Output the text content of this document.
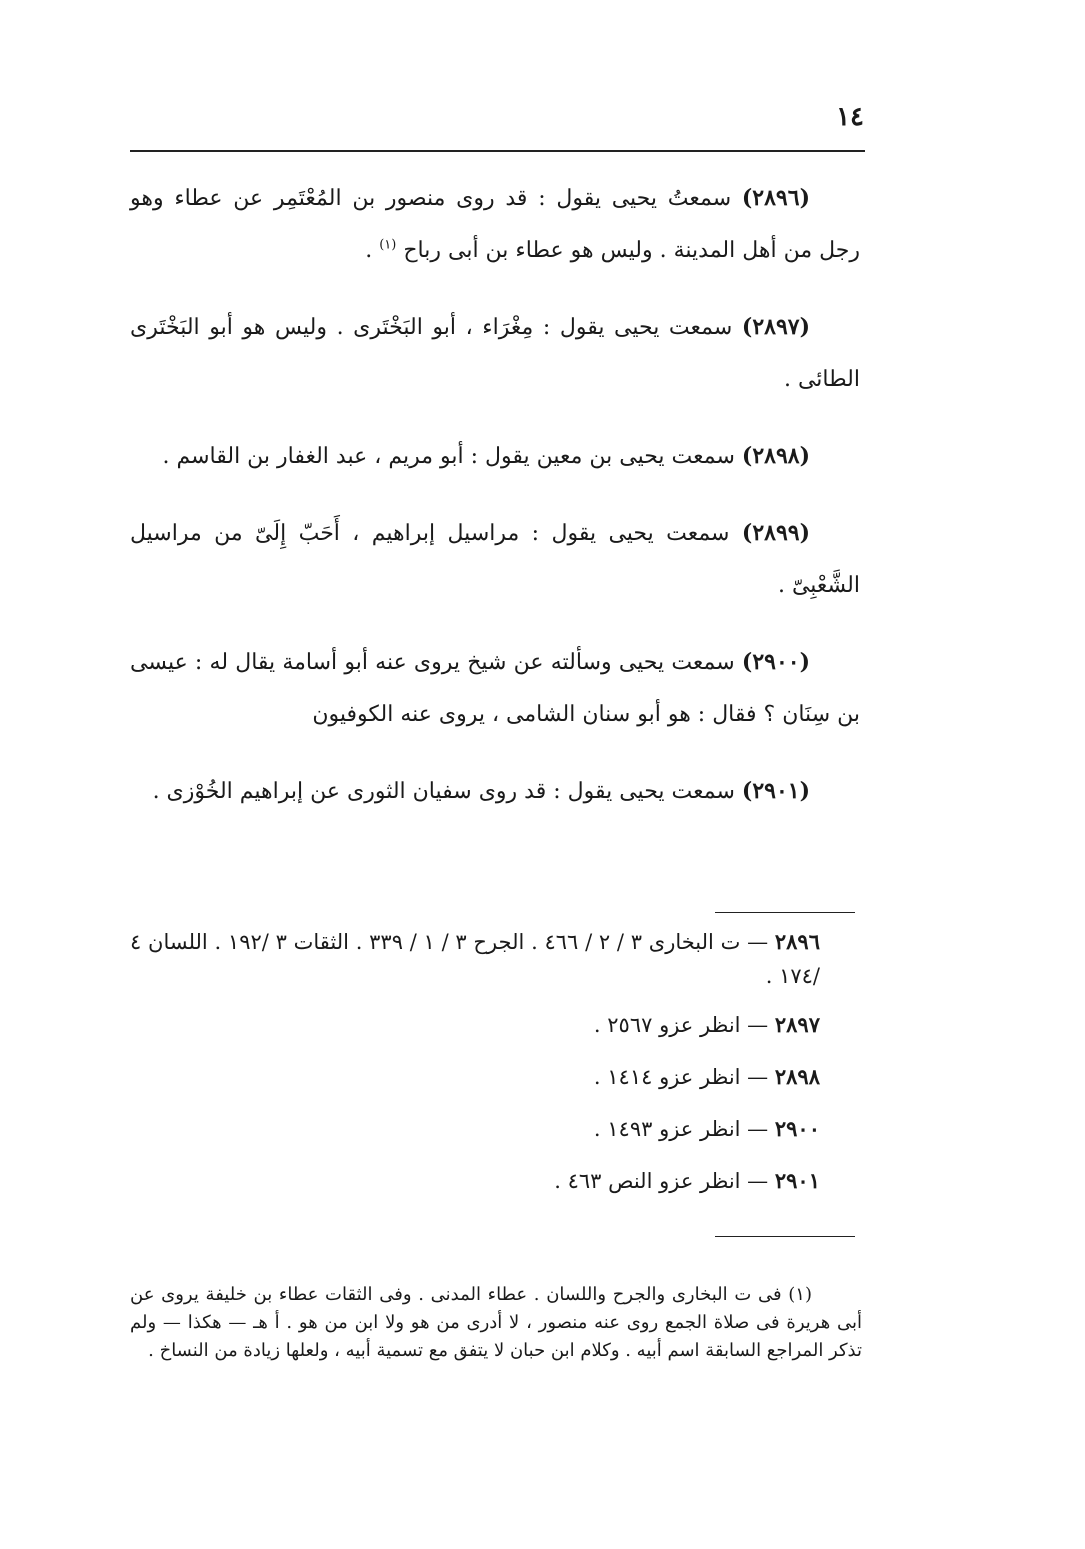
١٤

(٢٨٩٦) سمعتُ يحيى يقول : قد روى منصور بن المُعْتَمِر عن عطاء وهو رجل من أهل المدينة . وليس هو عطاء بن أبى رباح $^{(١)}$ .

(٢٨٩٧) سمعت يحيى يقول : مِغْرَاء ، أبو البَخْتَرى . وليس هو أبو البَخْتَرى الطائى .

(٢٨٩٨) سمعت يحيى بن معين يقول : أبو مريم ، عبد الغفار بن القاسم .

(٢٨٩٩) سمعت يحيى يقول : مراسيل إبراهيم ، أَحَبّ إِلَىّ من مراسيل الشَّعْبِىّ .

(٢٩٠٠) سمعت يحيى وسألته عن شيخ يروى عنه أبو أسامة يقال له : عيسى بن سِنَان ؟ فقال : هو أبو سنان الشامى ، يروى عنه الكوفيون

(٢٩٠١) سمعت يحيى يقول : قد روى سفيان الثورى عن إبراهيم الخُوْزى .

٢٨٩٦ — ت البخارى ٣ / ٢ / ٤٦٦ . الجرح ٣ / ١ / ٣٣٩ . الثقات ٣ /١٩٢ . اللسان ٤ /١٧٤ .
٢٨٩٧ — انظر عزو ٢٥٦٧ .
٢٨٩٨ — انظر عزو ١٤١٤ .
٢٩٠٠ — انظر عزو ١٤٩٣ .
٢٩٠١ — انظر عزو النص ٤٦٣ .

(١) فى ت البخارى والجرح واللسان . عطاء المدنى . وفى الثقات عطاء بن خليفة يروى عن أبى هريرة فى صلاة الجمع روى عنه منصور ، لا أدرى من هو ولا ابن من هو . أ هـ — هكذا — ولم تذكر المراجع السابقة اسم أبيه . وكلام ابن حبان لا يتفق مع تسمية أبيه ، ولعلها زيادة من النساخ .
